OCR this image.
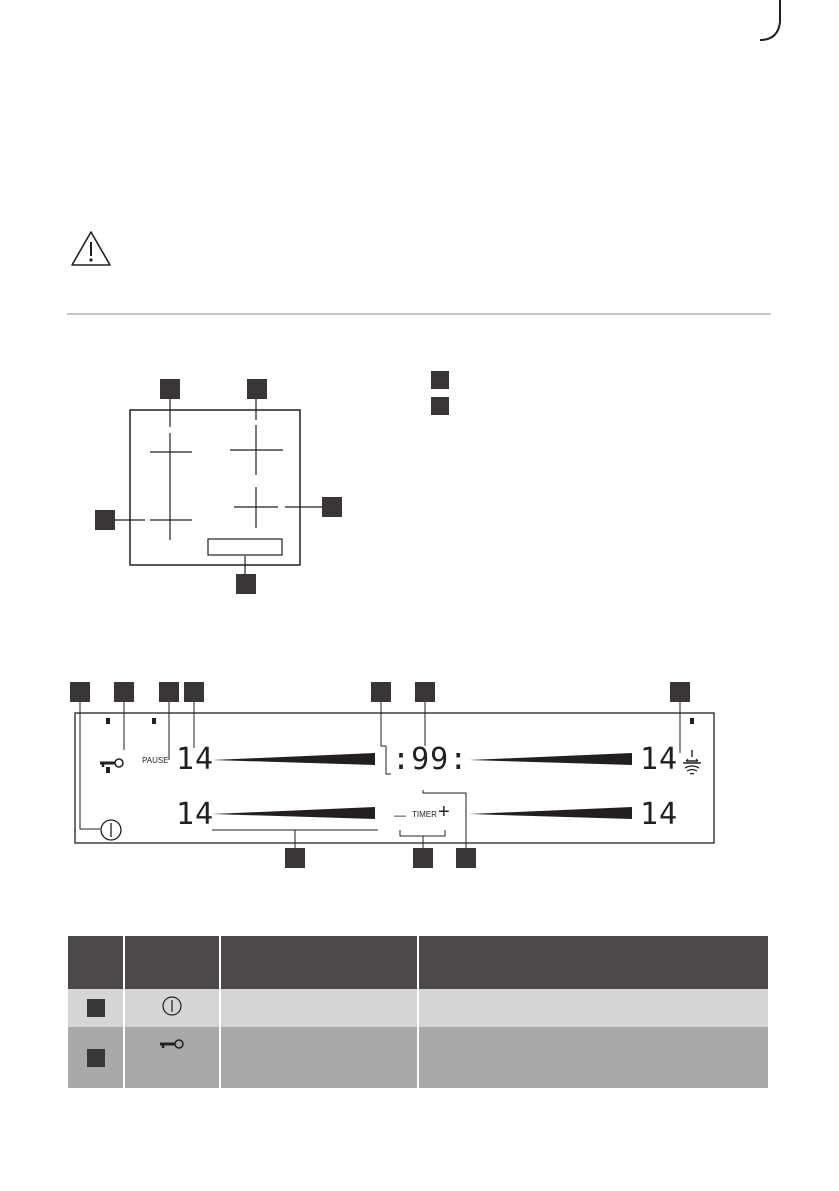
PAUSE 14	14
14	14
:99:
— TIMER +
